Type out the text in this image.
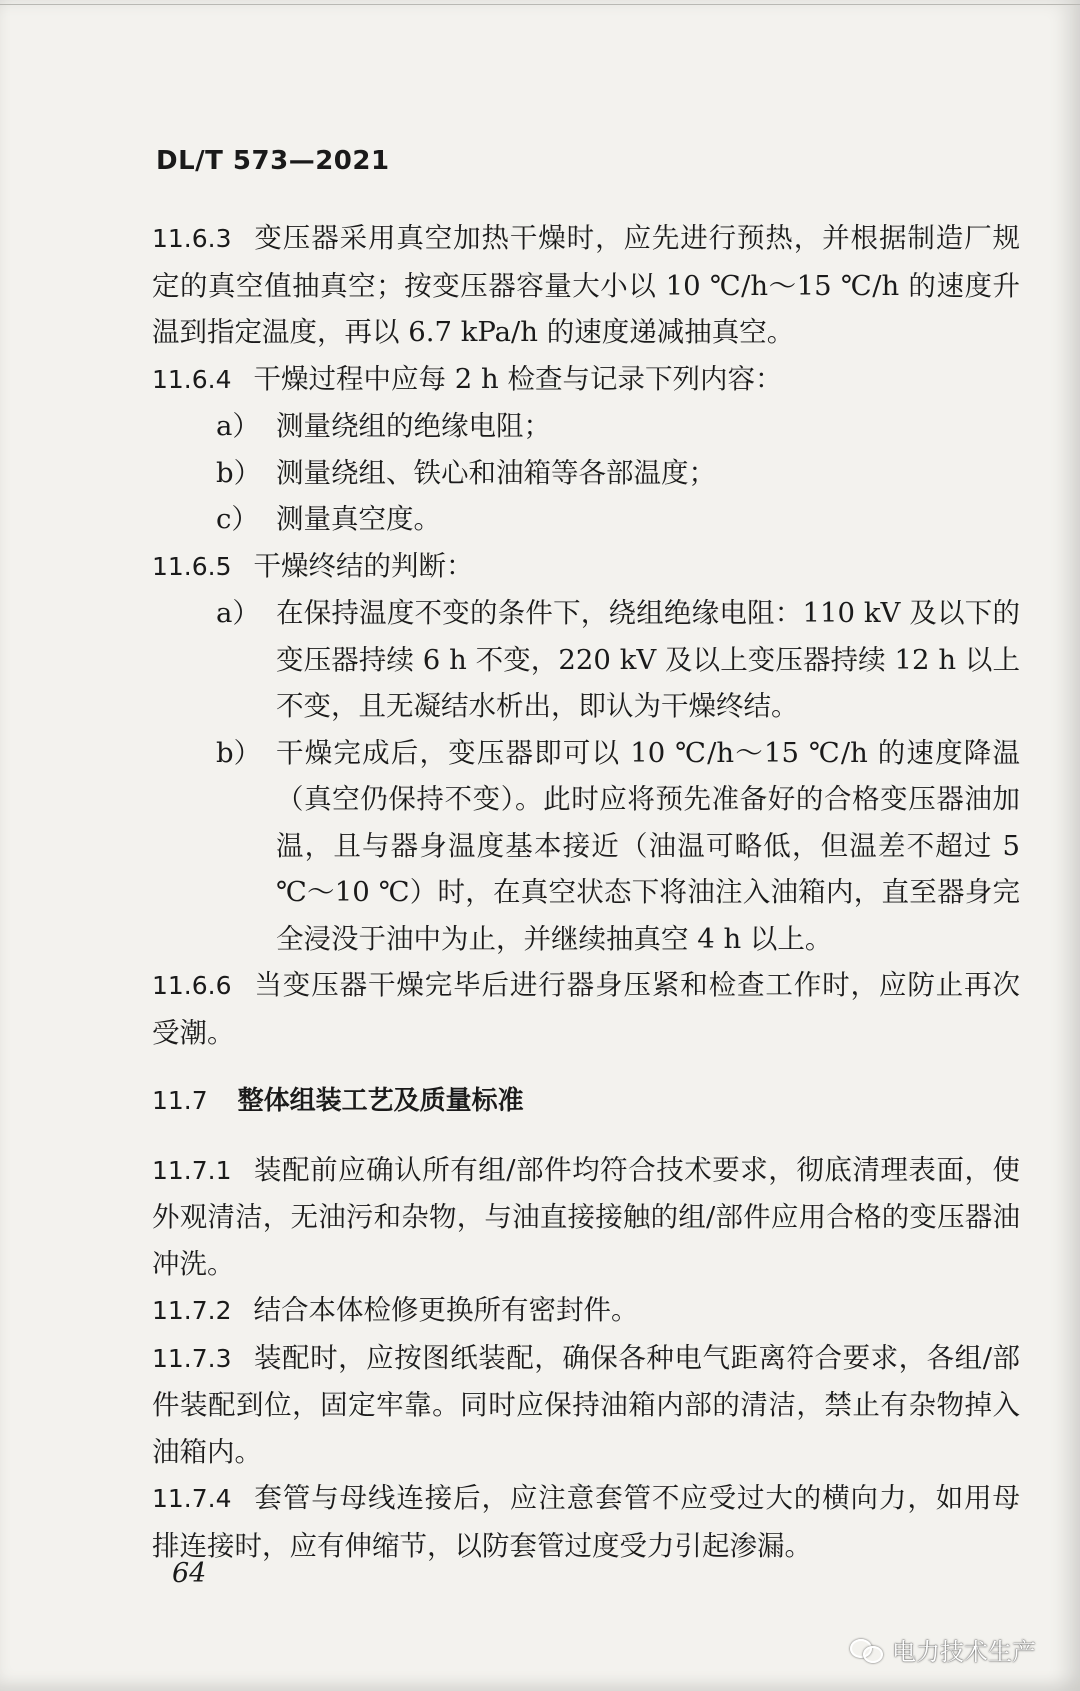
DL/T 573—2021

11.6.3 变压器采用真空加热干燥时，应先进行预热，并根据制造厂规定的真空值抽真空；按变压器容量大小以 10 ℃/h～15 ℃/h 的速度升温到指定温度，再以 6.7 kPa/h 的速度递减抽真空。

11.6.4 干燥过程中应每 2 h 检查与记录下列内容：

a） 测量绕组的绝缘电阻；
b） 测量绕组、铁心和油箱等各部温度；
c） 测量真空度。

11.6.5 干燥终结的判断：

a） 在保持温度不变的条件下，绕组绝缘电阻：110 kV 及以下的变压器持续 6 h 不变，220 kV 及以上变压器持续 12 h 以上不变，且无凝结水析出，即认为干燥终结。
b） 干燥完成后，变压器即可以 10 ℃/h～15 ℃/h 的速度降温（真空仍保持不变）。此时应将预先准备好的合格变压器油加温，且与器身温度基本接近（油温可略低，但温差不超过 5 ℃～10 ℃）时，在真空状态下将油注入油箱内，直至器身完全浸没于油中为止，并继续抽真空 4 h 以上。

11.6.6 当变压器干燥完毕后进行器身压紧和检查工作时，应防止再次受潮。

11.7 整体组装工艺及质量标准

11.7.1 装配前应确认所有组/部件均符合技术要求，彻底清理表面，使外观清洁，无油污和杂物，与油直接接触的组/部件应用合格的变压器油冲洗。

11.7.2 结合本体检修更换所有密封件。

11.7.3 装配时，应按图纸装配，确保各种电气距离符合要求，各组/部件装配到位，固定牢靠。同时应保持油箱内部的清洁，禁止有杂物掉入油箱内。

11.7.4 套管与母线连接后，应注意套管不应受过大的横向力，如用母排连接时，应有伸缩节，以防套管过度受力引起渗漏。

64
电力技术生产
